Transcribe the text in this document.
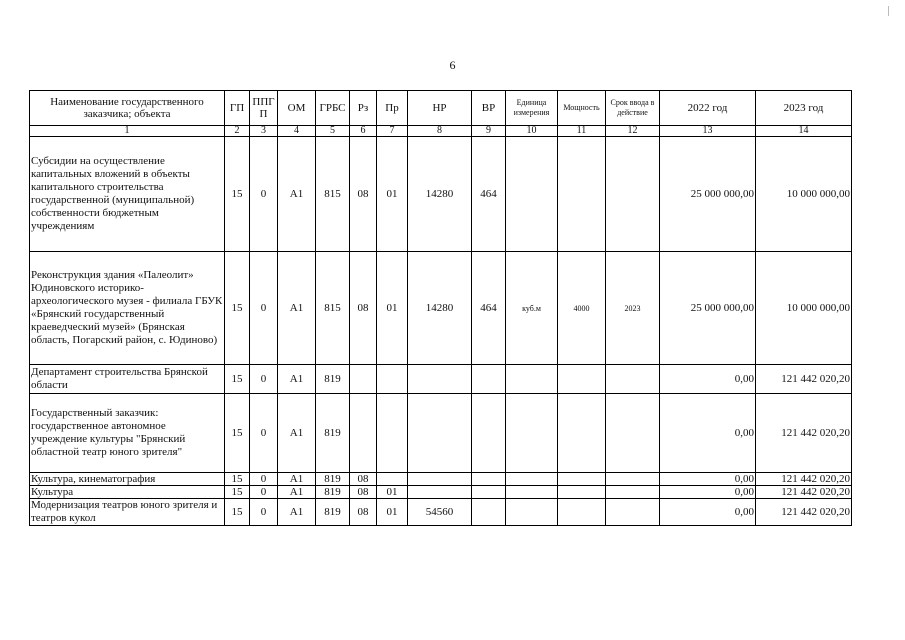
6
Наименование государственного заказчика; объекта	ГП	ППГ П	ОМ	ГРБС	Рз	Пр	НР	ВР	Единица измерения	Мощность	Срок ввода в действие	2022 год	2023 год
1	2	3	4	5	6	7	8	9	10	11	12	13	14
Субсидии на осуществление капитальных вложений в объекты капитального строительства государственной (муниципальной) собственности бюджетным учреждениям	15	0	А1	815	08	01	14280	464				25 000 000,00	10 000 000,00
Реконструкция здания «Палеолит» Юдиновского историко-археологического музея - филиала ГБУК «Брянский государственный краеведческий музей» (Брянская область, Погарский район, с. Юдиново)	15	0	А1	815	08	01	14280	464	куб.м	4000	2023	25 000 000,00	10 000 000,00
Департамент строительства Брянской области	15	0	А1	819								0,00	121 442 020,20
Государственный заказчик: государственное автономное учреждение культуры "Брянский областной театр юного зрителя"	15	0	А1	819								0,00	121 442 020,20
Культура, кинематография	15	0	А1	819	08							0,00	121 442 020,20
Культура	15	0	А1	819	08	01						0,00	121 442 020,20
Модернизация театров юного зрителя и театров кукол	15	0	А1	819	08	01	54560					0,00	121 442 020,20
